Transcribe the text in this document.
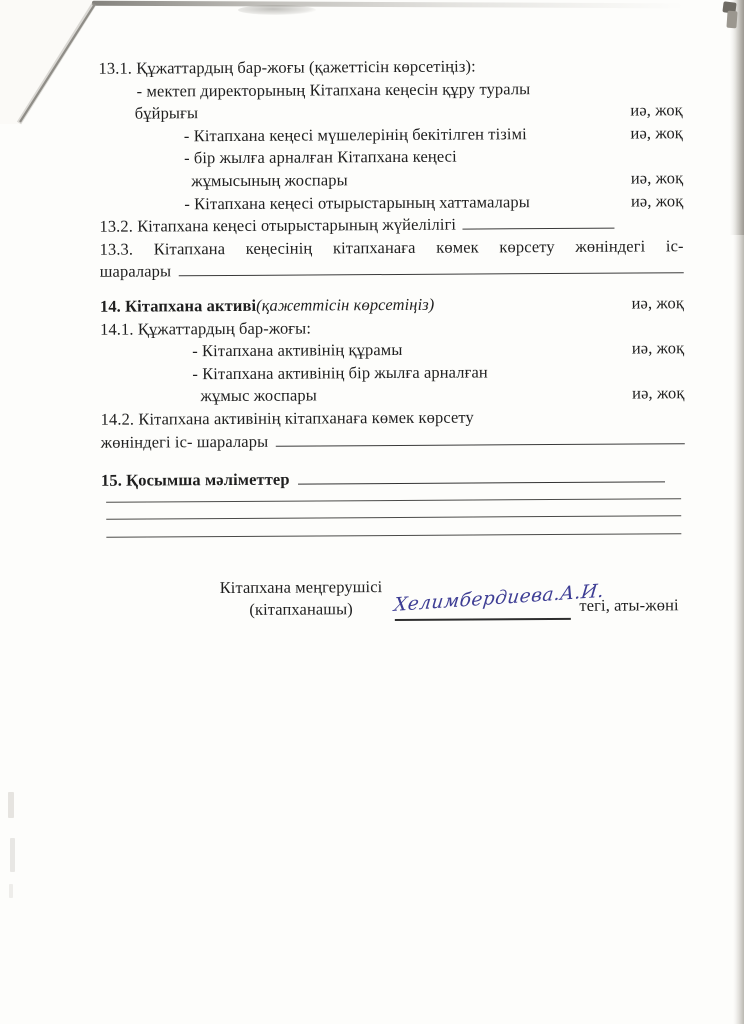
13.1. Құжаттардың бар-жоғы (қажеттісін көрсетіңіз):
- мектеп директорының Кітапхана кеңесін құру туралы
бұйрығы	иә, жоқ
- Кітапхана кеңесі мүшелерінің бекітілген тізімі	иә, жоқ
- бір жылға арналған Кітапхана кеңесі
жұмысының жоспары	иә, жоқ
- Кітапхана кеңесі отырыстарының хаттамалары	иә, жоқ
13.2. Кітапхана кеңесі отырыстарының жүйелілігі
13.3. Кітапхана кеңесінің кітапханаға көмек көрсету жөніндегі іс-
шаралары
14. Кітапхана активі (қажеттісін көрсетіңіз)	иә, жоқ
14.1. Құжаттардың бар-жоғы:
- Кітапхана активінің құрамы	иә, жоқ
- Кітапхана активінің бір жылға арналған
жұмыс жоспары	иә, жоқ
14.2. Кітапхана активінің кітапханаға көмек көрсету
жөніндегі іс- шаралары
15. Қосымша мәліметтер
Кітапхана меңгерушісі
(кітапханашы)	Хелимбердиева.А.И.
тегі, аты-жөні
